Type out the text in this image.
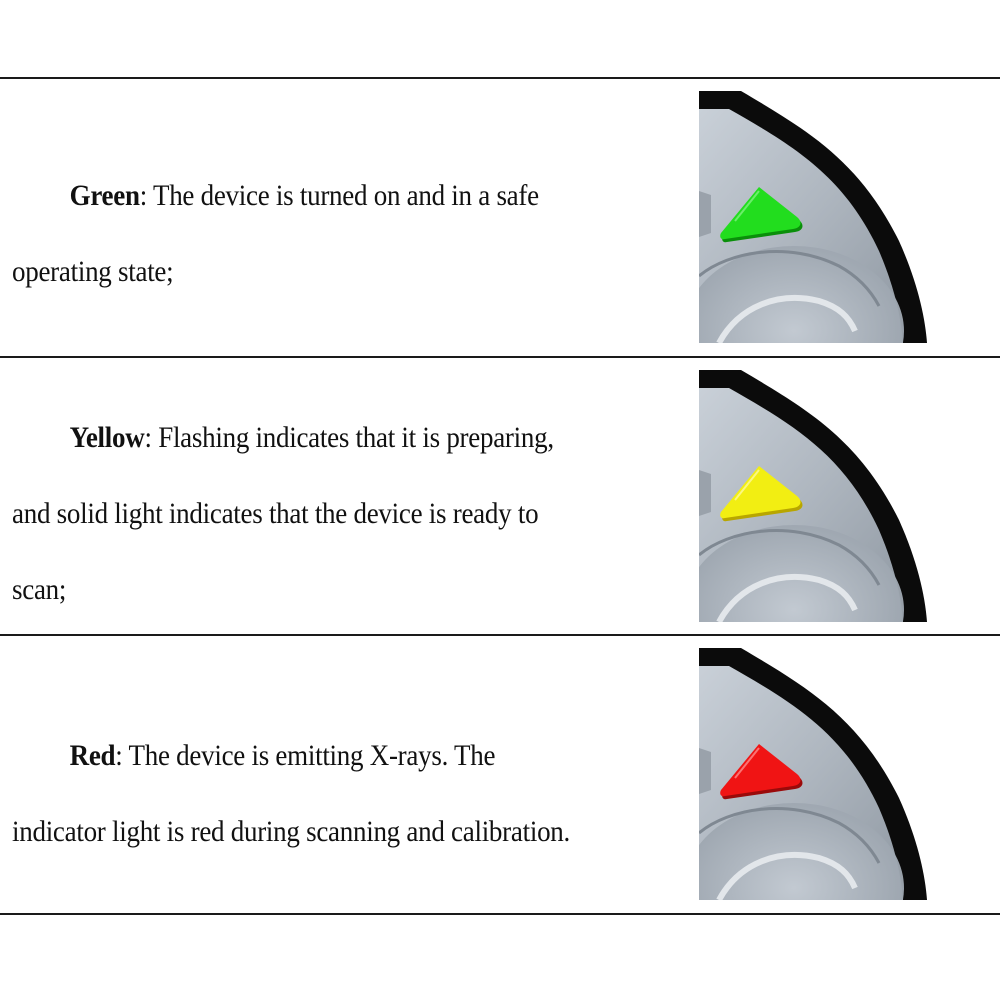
Green: The device is turned on and in a safe operating state;
Yellow: Flashing indicates that it is preparing, and solid light indicates that the device is ready to scan;
Red: The device is emitting X-rays. The indicator light is red during scanning and calibration.
